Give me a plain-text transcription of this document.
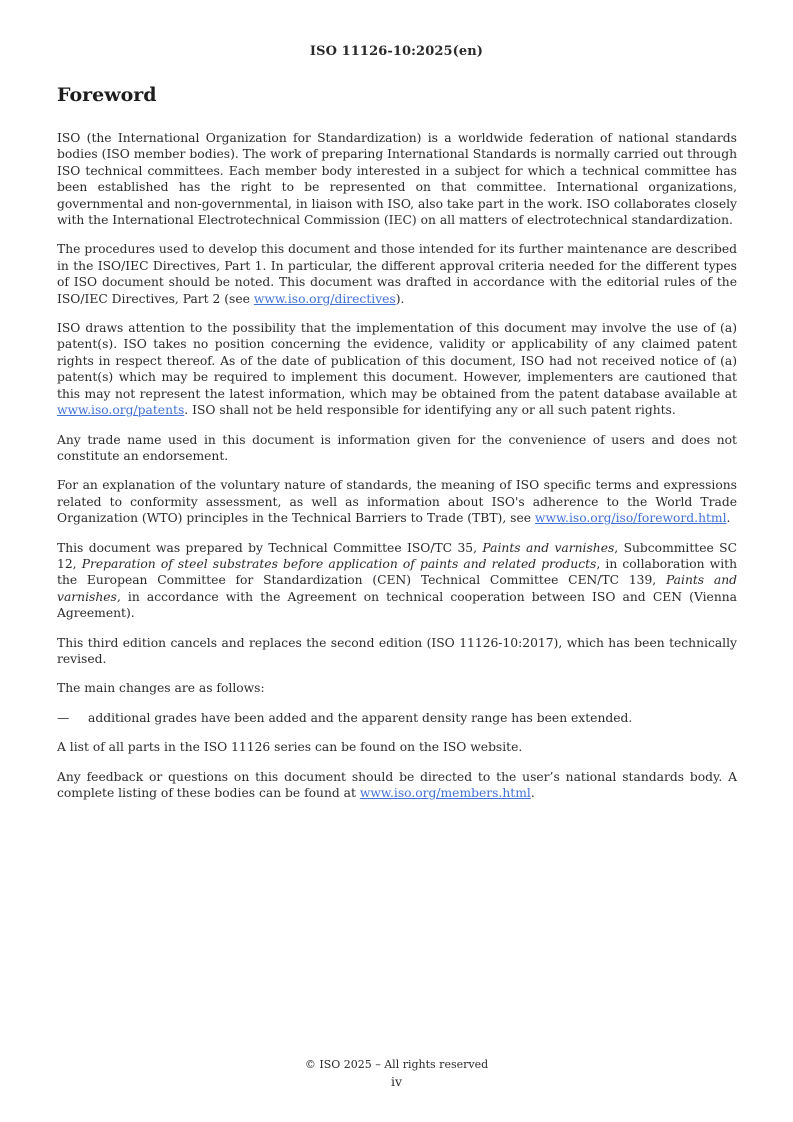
ISO 11126-10:2025(en)
Foreword

ISO (the International Organization for Standardization) is a worldwide federation of national standards bodies (ISO member bodies). The work of preparing International Standards is normally carried out through ISO technical committees. Each member body interested in a subject for which a technical committee has been established has the right to be represented on that committee. International organizations, governmental and non-governmental, in liaison with ISO, also take part in the work. ISO collaborates closely with the International Electrotechnical Commission (IEC) on all matters of electrotechnical standardization.

The procedures used to develop this document and those intended for its further maintenance are described in the ISO/IEC Directives, Part 1. In particular, the different approval criteria needed for the different types of ISO document should be noted. This document was drafted in accordance with the editorial rules of the ISO/IEC Directives, Part 2 (see www.iso.org/directives).

ISO draws attention to the possibility that the implementation of this document may involve the use of (a) patent(s). ISO takes no position concerning the evidence, validity or applicability of any claimed patent rights in respect thereof. As of the date of publication of this document, ISO had not received notice of (a) patent(s) which may be required to implement this document. However, implementers are cautioned that this may not represent the latest information, which may be obtained from the patent database available at www.iso.org/patents. ISO shall not be held responsible for identifying any or all such patent rights.

Any trade name used in this document is information given for the convenience of users and does not constitute an endorsement.

For an explanation of the voluntary nature of standards, the meaning of ISO specific terms and expressions related to conformity assessment, as well as information about ISO's adherence to the World Trade Organization (WTO) principles in the Technical Barriers to Trade (TBT), see www.iso.org/iso/foreword.html.

This document was prepared by Technical Committee ISO/TC 35, Paints and varnishes, Subcommittee SC 12, Preparation of steel substrates before application of paints and related products, in collaboration with the European Committee for Standardization (CEN) Technical Committee CEN/TC 139, Paints and varnishes, in accordance with the Agreement on technical cooperation between ISO and CEN (Vienna Agreement).

This third edition cancels and replaces the second edition (ISO 11126-10:2017), which has been technically revised.

The main changes are as follows:

—	additional grades have been added and the apparent density range has been extended.

A list of all parts in the ISO 11126 series can be found on the ISO website.

Any feedback or questions on this document should be directed to the user’s national standards body. A complete listing of these bodies can be found at www.iso.org/members.html.

© ISO 2025 – All rights reserved
iv
